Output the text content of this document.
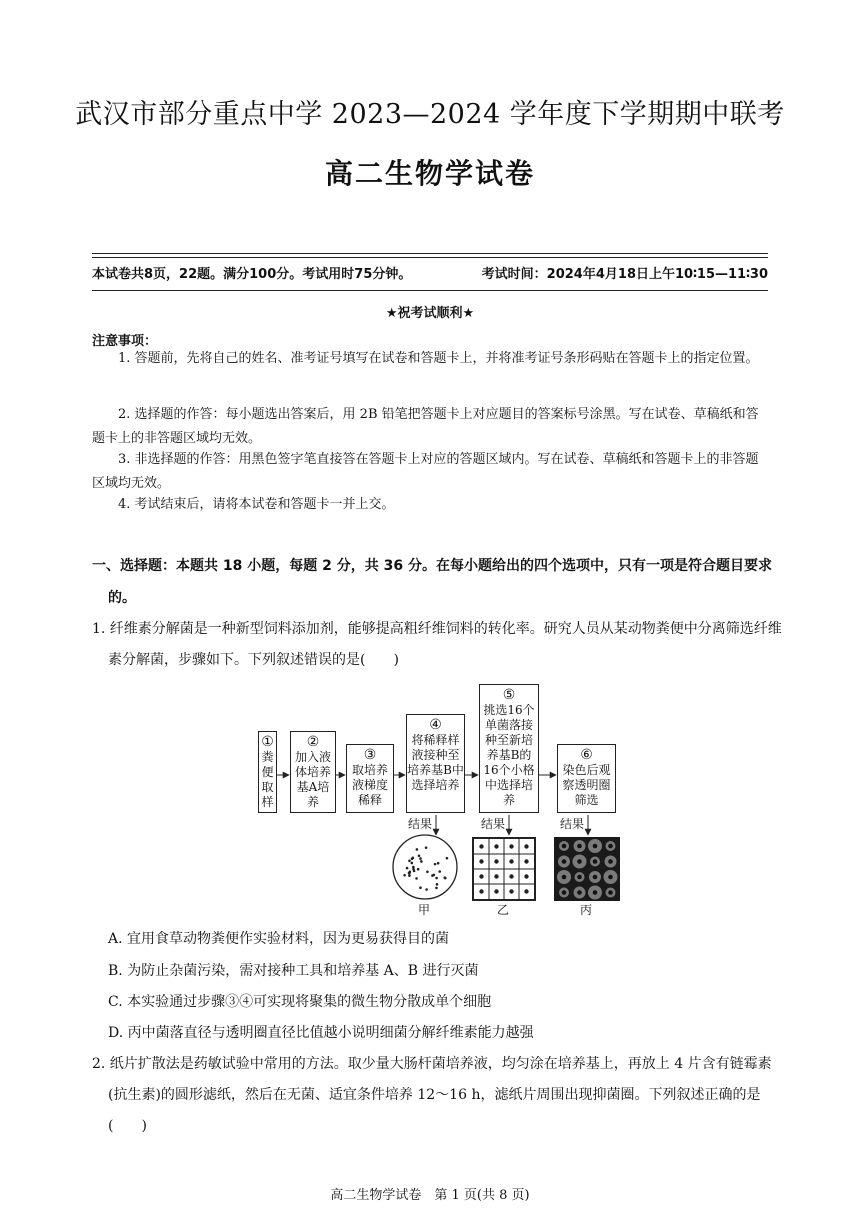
武汉市部分重点中学 2023—2024 学年度下学期期中联考
高二生物学试卷
本试卷共8页，22题。满分100分。考试用时75分钟。	考试时间：2024年4月18日上午10∶15—11∶30
★祝考试顺利★
注意事项：
1. 答题前，先将自己的姓名、准考证号填写在试卷和答题卡上，并将准考证号条形码贴在答题卡上的指定位置。
2. 选择题的作答：每小题选出答案后，用 2B 铅笔把答题卡上对应题目的答案标号涂黑。写在试卷、草稿纸和答题卡上的非答题区域均无效。
3. 非选择题的作答：用黑色签字笔直接答在答题卡上对应的答题区域内。写在试卷、草稿纸和答题卡上的非答题区域均无效。
4. 考试结束后，请将本试卷和答题卡一并上交。
一、选择题：本题共 18 小题，每题 2 分，共 36 分。在每小题给出的四个选项中，只有一项是符合题目要求的。
1. 纤维素分解菌是一种新型饲料添加剂，能够提高粗纤维饲料的转化率。研究人员从某动物粪便中分离筛选纤维素分解菌，步骤如下。下列叙述错误的是(　　)
①
粪便取样
②
加入液体培养基A培养
③
取培养液梯度稀释
④
将稀释样液接种至培养基B中选择培养
⑤
挑选16个单菌落接种至新培养基B的16个小格中选择培养
⑥
染色后观察透明圈筛选
结果	结果	结果
甲	乙	丙
A. 宜用食草动物粪便作实验材料，因为更易获得目的菌
B. 为防止杂菌污染，需对接种工具和培养基 A、B 进行灭菌
C. 本实验通过步骤③④可实现将聚集的微生物分散成单个细胞
D. 丙中菌落直径与透明圈直径比值越小说明细菌分解纤维素能力越强
2. 纸片扩散法是药敏试验中常用的方法。取少量大肠杆菌培养液，均匀涂在培养基上，再放上 4 片含有链霉素(抗生素)的圆形滤纸，然后在无菌、适宜条件培养 12～16 h，滤纸片周围出现抑菌圈。下列叙述正确的是(　　)
高二生物学试卷　第 1 页(共 8 页)
